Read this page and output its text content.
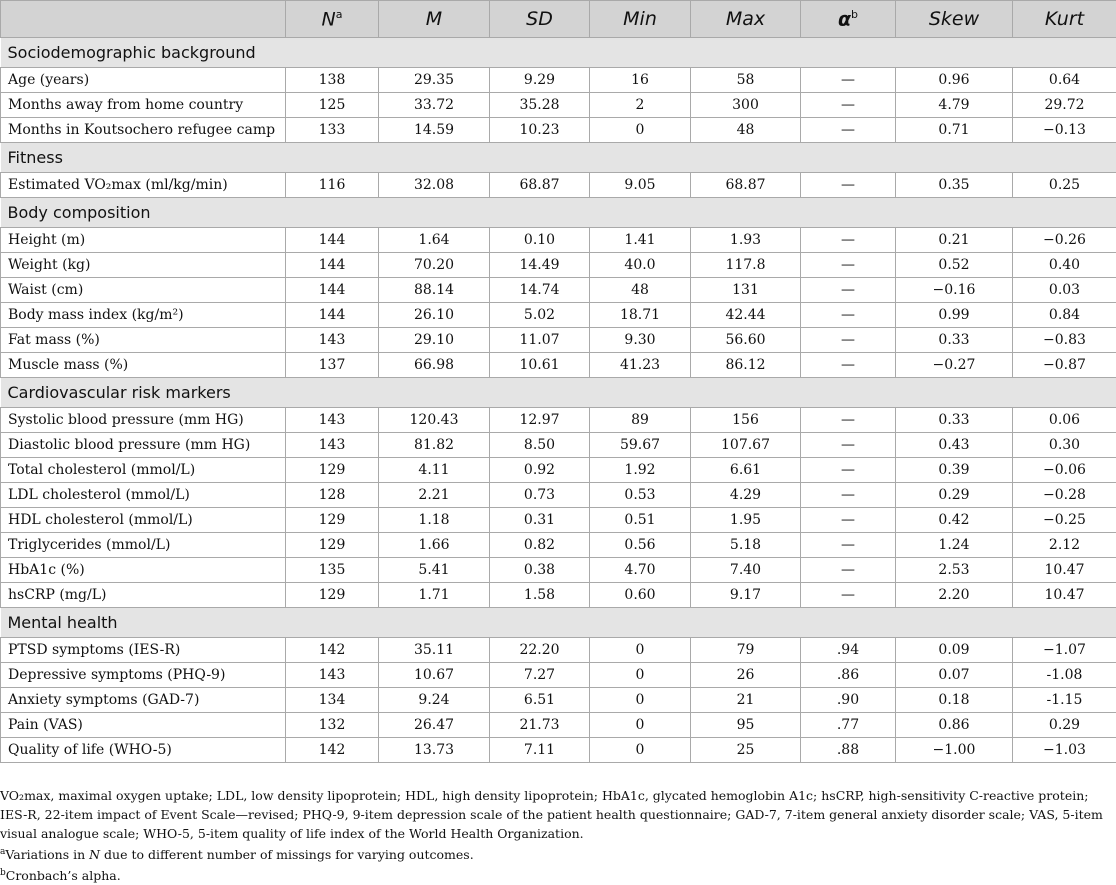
	$N^a$	M	SD	Min	Max	$\alpha^b$	Skew	Kurt
Sociodemographic background								
Age (years)	138	29.35	9.29	16	58	—	0.96	0.64
Months away from home country	125	33.72	35.28	2	300	—	4.79	29.72
Months in Koutsochero refugee camp	133	14.59	10.23	0	48	—	0.71	−0.13
Fitness								
Estimated VO₂max (ml/kg/min)	116	32.08	68.87	9.05	68.87	—	0.35	0.25
Body composition								
Height (m)	144	1.64	0.10	1.41	1.93	—	0.21	−0.26
Weight (kg)	144	70.20	14.49	40.0	117.8	—	0.52	0.40
Waist (cm)	144	88.14	14.74	48	131	—	−0.16	0.03
Body mass index (kg/m²)	144	26.10	5.02	18.71	42.44	—	0.99	0.84
Fat mass (%)	143	29.10	11.07	9.30	56.60	—	0.33	−0.83
Muscle mass (%)	137	66.98	10.61	41.23	86.12	—	−0.27	−0.87
Cardiovascular risk markers								
Systolic blood pressure (mm HG)	143	120.43	12.97	89	156	—	0.33	0.06
Diastolic blood pressure (mm HG)	143	81.82	8.50	59.67	107.67	—	0.43	0.30
Total cholesterol (mmol/L)	129	4.11	0.92	1.92	6.61	—	0.39	−0.06
LDL cholesterol (mmol/L)	128	2.21	0.73	0.53	4.29	—	0.29	−0.28
HDL cholesterol (mmol/L)	129	1.18	0.31	0.51	1.95	—	0.42	−0.25
Triglycerides (mmol/L)	129	1.66	0.82	0.56	5.18	—	1.24	2.12
HbA1c (%)	135	5.41	0.38	4.70	7.40	—	2.53	10.47
hsCRP (mg/L)	129	1.71	1.58	0.60	9.17	—	2.20	10.47
Mental health								
PTSD symptoms (IES-R)	142	35.11	22.20	0	79	.94	0.09	−1.07
Depressive symptoms (PHQ-9)	143	10.67	7.27	0	26	.86	0.07	-1.08
Anxiety symptoms (GAD-7)	134	9.24	6.51	0	21	.90	0.18	-1.15
Pain (VAS)	132	26.47	21.73	0	95	.77	0.86	0.29
Quality of life (WHO-5)	142	13.73	7.11	0	25	.88	−1.00	−1.03

VO₂max, maximal oxygen uptake; LDL, low density lipoprotein; HDL, high density lipoprotein; HbA1c, glycated hemoglobin A1c; hsCRP, high-sensitivity C-reactive protein; IES-R, 22-item impact of Event Scale—revised; PHQ-9, 9-item depression scale of the patient health questionnaire; GAD-7, 7-item general anxiety disorder scale; VAS, 5-item visual analogue scale; WHO-5, 5-item quality of life index of the World Health Organization.

$^a$Variations in N due to different number of missings for varying outcomes.

$^b$Cronbach’s alpha.
